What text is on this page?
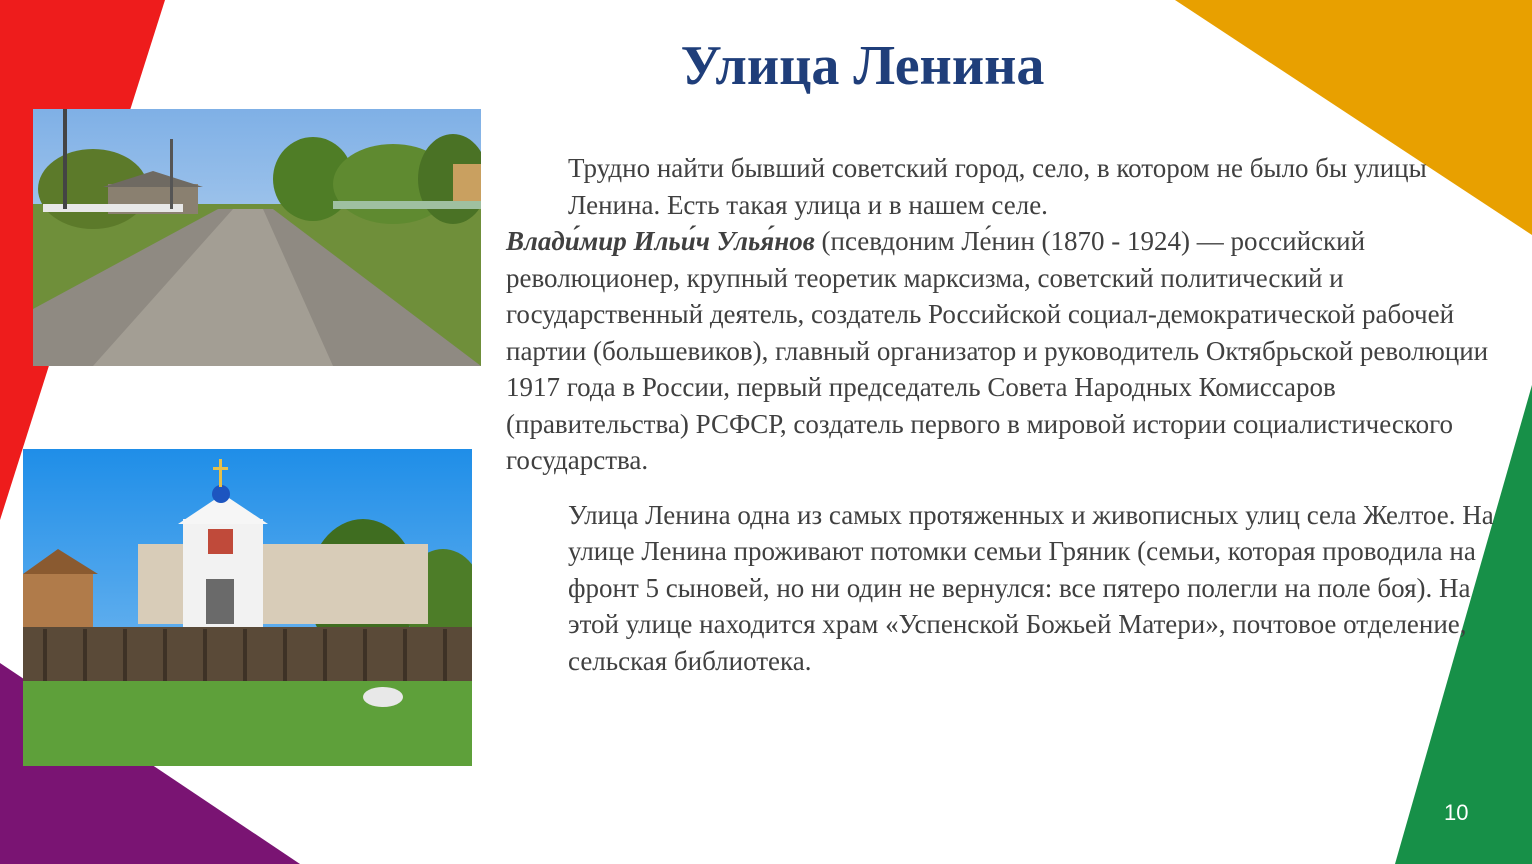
Улица Ленина

Трудно найти бывший советский город, село, в котором не было бы улицы Ленина. Есть такая улица и в нашем селе.

Влади́мир Ильи́ч Улья́нов (псевдоним Ле́нин (1870 - 1924) — российский революционер, крупный теоретик марксизма, советский политический и государственный деятель, создатель Российской социал-демократической рабочей партии (большевиков), главный организатор и руководитель Октябрьской революции 1917 года в России, первый председатель Совета Народных Комиссаров (правительства) РСФСР, создатель первого в мировой истории социалистического государства.

Улица Ленина одна из самых протяженных и живописных улиц села Желтое. На улице Ленина проживают потомки семьи Гряник (семьи, которая проводила на фронт 5 сыновей, но ни один не вернулся: все пятеро полегли на поле боя). На этой улице находится храм «Успенской Божьей Матери», почтовое отделение, сельская библиотека.

10
